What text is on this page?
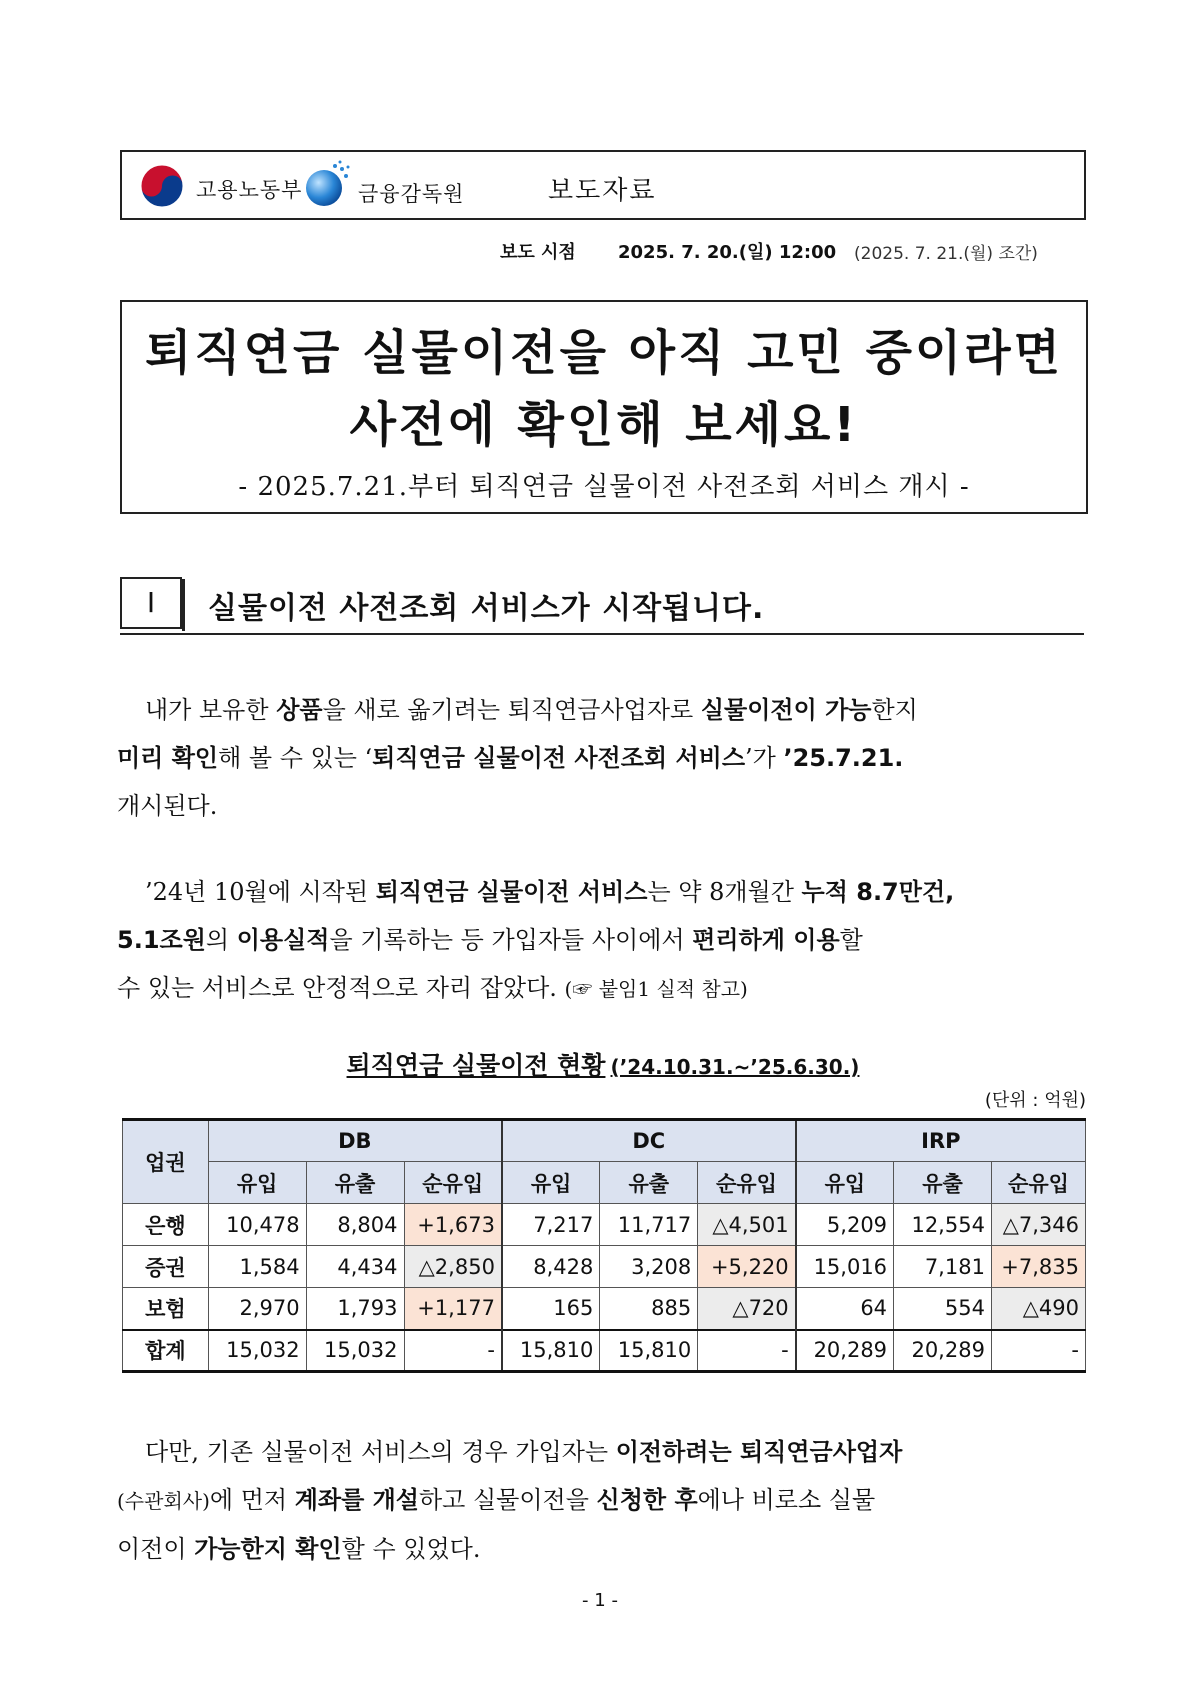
고용노동부	금융감독원	보도자료
보도 시점 2025. 7. 20.(일) 12:00 (2025. 7. 21.(월) 조간)
퇴직연금 실물이전을 아직 고민 중이라면
사전에 확인해 보세요!
- 2025.7.21.부터 퇴직연금 실물이전 사전조회 서비스 개시 -
Ⅰ	실물이전 사전조회 서비스가 시작됩니다.

내가 보유한 상품을 새로 옮기려는 퇴직연금사업자로 실물이전이 가능한지

미리 확인해 볼 수 있는 ‘퇴직연금 실물이전 사전조회 서비스’가 ’25.7.21.

개시된다.

’24년 10월에 시작된 퇴직연금 실물이전 서비스는 약 8개월간 누적 8.7만건,

5.1조원의 이용실적을 기록하는 등 가입자들 사이에서 편리하게 이용할

수 있는 서비스로 안정적으로 자리 잡았다. (☞ 붙임1 실적 참고)

퇴직연금 실물이전 현황 (’24.10.31.~’25.6.30.)
(단위 : 억원)
업권	DB			DC			IRP		
	유입	유출	순유입	유입	유출	순유입	유입	유출	순유입
은행	10,478	8,804	+1,673	7,217	11,717	△4,501	5,209	12,554	△7,346
증권	1,584	4,434	△2,850	8,428	3,208	+5,220	15,016	7,181	+7,835
보험	2,970	1,793	+1,177	165	885	△720	64	554	△490
합계	15,032	15,032	-	15,810	15,810	-	20,289	20,289	-

다만, 기존 실물이전 서비스의 경우 가입자는 이전하려는 퇴직연금사업자

(수관회사)에 먼저 계좌를 개설하고 실물이전을 신청한 후에나 비로소 실물

이전이 가능한지 확인할 수 있었다.

- 1 -
